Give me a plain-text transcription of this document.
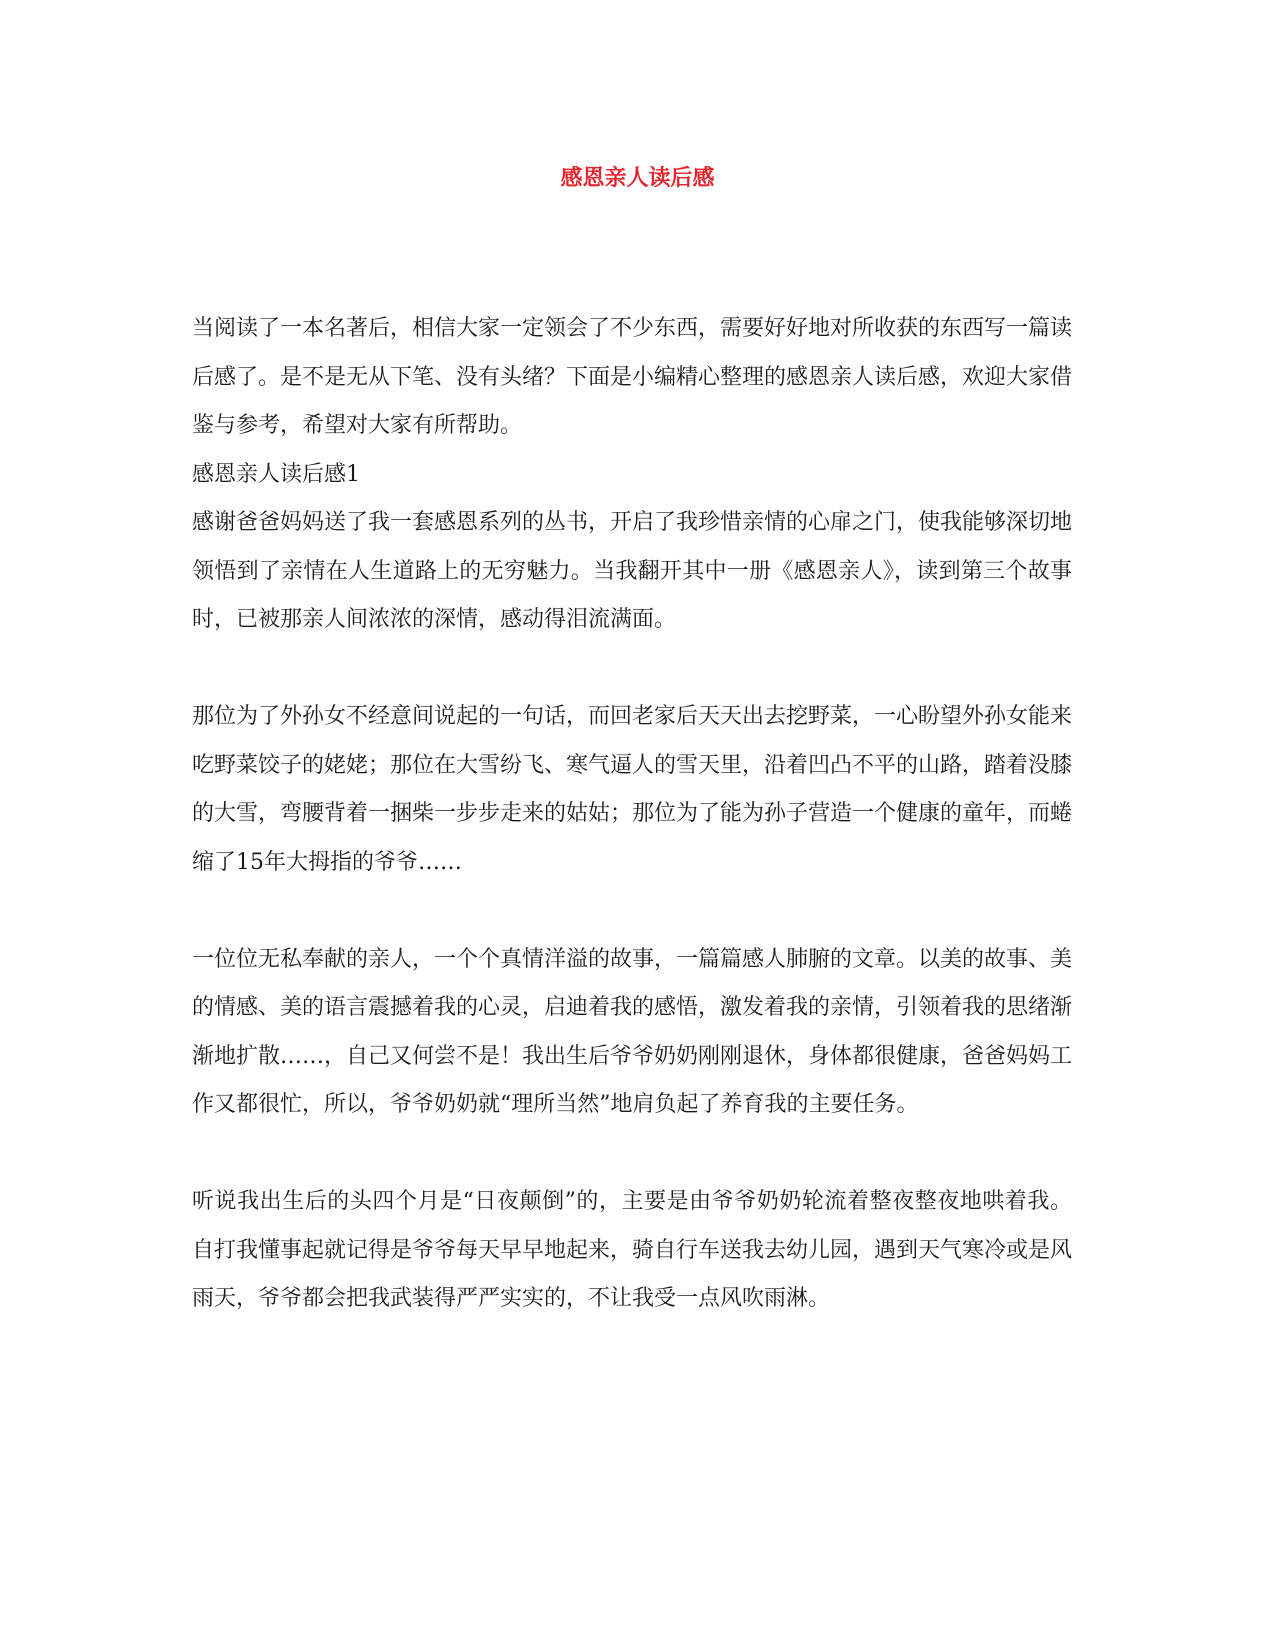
感恩亲人读后感

当阅读了一本名著后，相信大家一定领会了不少东西，需要好好地对所收获的东西写一篇读后感了。是不是无从下笔、没有头绪？下面是小编精心整理的感恩亲人读后感，欢迎大家借鉴与参考，希望对大家有所帮助。

感恩亲人读后感1

感谢爸爸妈妈送了我一套感恩系列的丛书，开启了我珍惜亲情的心扉之门，使我能够深切地领悟到了亲情在人生道路上的无穷魅力。当我翻开其中一册《感恩亲人》，读到第三个故事时，已被那亲人间浓浓的深情，感动得泪流满面。

那位为了外孙女不经意间说起的一句话，而回老家后天天出去挖野菜，一心盼望外孙女能来吃野菜饺子的姥姥；那位在大雪纷飞、寒气逼人的雪天里，沿着凹凸不平的山路，踏着没膝的大雪，弯腰背着一捆柴一步步走来的姑姑；那位为了能为孙子营造一个健康的童年，而蜷缩了15年大拇指的爷爷……

一位位无私奉献的亲人，一个个真情洋溢的故事，一篇篇感人肺腑的文章。以美的故事、美的情感、美的语言震撼着我的心灵，启迪着我的感悟，激发着我的亲情，引领着我的思绪渐渐地扩散……，自己又何尝不是！我出生后爷爷奶奶刚刚退休，身体都很健康，爸爸妈妈工作又都很忙，所以，爷爷奶奶就“理所当然”地肩负起了养育我的主要任务。

听说我出生后的头四个月是“日夜颠倒”的，主要是由爷爷奶奶轮流着整夜整夜地哄着我。自打我懂事起就记得是爷爷每天早早地起来，骑自行车送我去幼儿园，遇到天气寒冷或是风雨天，爷爷都会把我武装得严严实实的，不让我受一点风吹雨淋。
